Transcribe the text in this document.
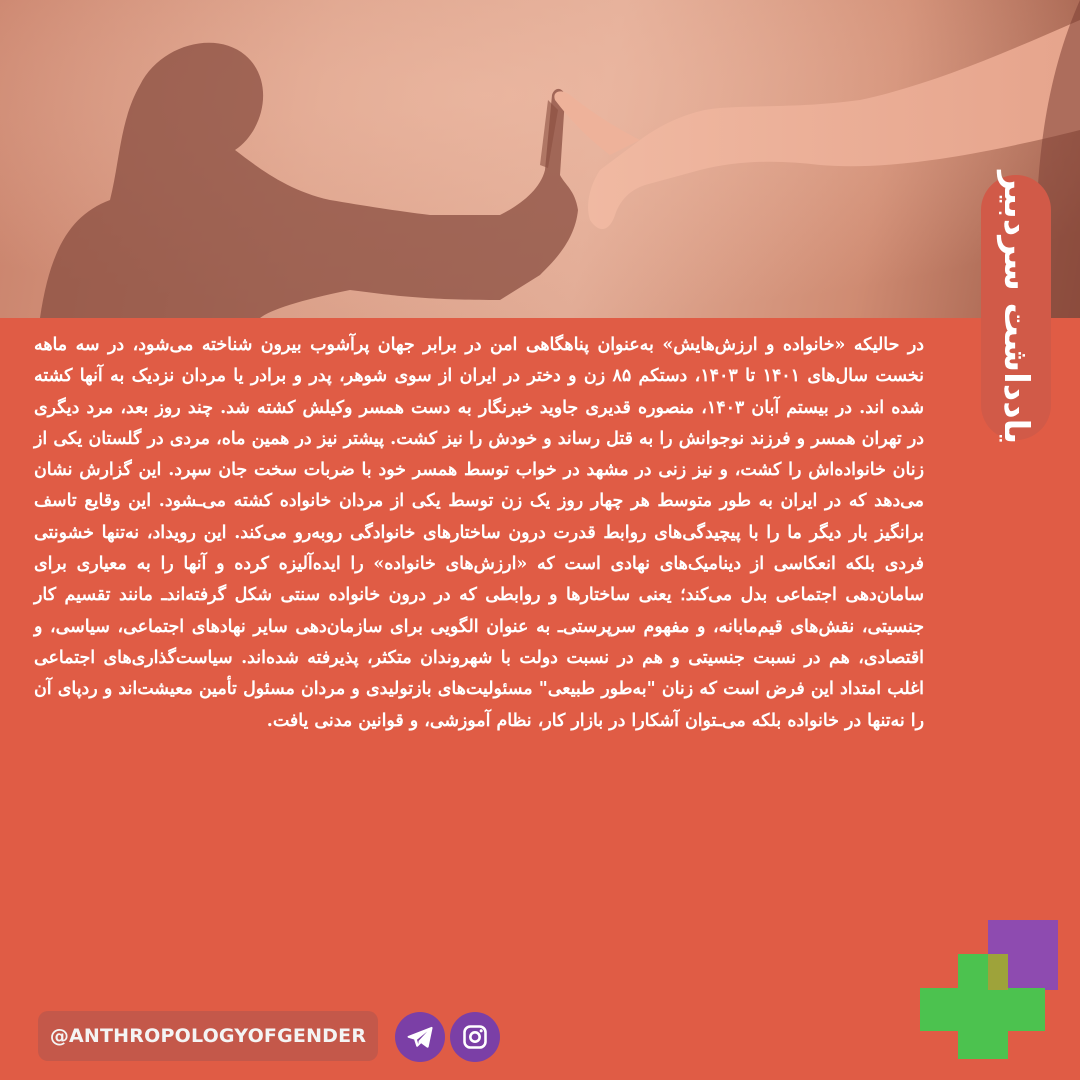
یادداشت سردبیر

در حالیکه «خانواده و ارزش‌هایش» به‌عنوان پناهگاهی امن در برابر جهان پرآشوب بیرون شناخته می‌شود، در سه ماهه نخست سال‌های ۱۴۰۱ تا ۱۴۰۳، دستکم ۸۵ زن و دختر در ایران از سوی شوهر، پدر و برادر یا مردان نزدیک به آنها کشته شده اند. در بیستم آبان ۱۴۰۳، منصوره قدیری جاوید خبرنگار به دست همسر وکیلش کشته شد. چند روز بعد، مرد دیگری در تهران همسر و فرزند نوجوانش را به قتل رساند و خودش را نیز کشت. پیشتر نیز در همین ماه، مردی در گلستان یکی از زنان خانواده‌اش را کشت، و نیز زنی در مشهد در خواب توسط همسر خود با ضربات سخت جان سپرد. این گزارش نشان می‌دهد که در ایران به طور متوسط هر چهار روز یک زن توسط یکی از مردان خانواده کشته می‌ـشود. این وقایع تاسف برانگیز بار دیگر ما را با پیچیدگی‌های روابط قدرت درون ساختارهای خانوادگی روبه‌رو می‌کند. این رویداد، نه‌تنها خشونتی فردی بلکه انعکاسی از دینامیک‌های نهادی است که «ارزش‌های خانواده» را ایده‌آلیزه کرده و آنها را به معیاری برای سامان‌دهی اجتماعی بدل می‌کند؛ یعنی ساختارها و روابطی که در درون خانواده سنتی شکل گرفته‌اند‌ـ مانند تقسیم کار جنسیتی، نقش‌های قیم‌مابانه، و مفهوم سرپرستی‌ـ به عنوان الگویی برای سازمان‌دهی سایر نهادهای اجتماعی، سیاسی، و اقتصادی، هم در نسبت جنسیتی و هم در نسبت دولت با شهروندان متکثر، پذیرفته شده‌اند. سیاست‌گذاری‌های اجتماعی اغلب امتداد این فرض است که زنان "به‌طور طبیعی" مسئولیت‌های بازتولیدی و مردان مسئول تأمین معیشت‌اند و ردپای آن را نه‌تنها در خانواده بلکه می‌ـتوان آشکارا در بازار کار، نظام آموزشی، و قوانین مدنی یافت.

@ANTHROPOLOGYOFGENDER
